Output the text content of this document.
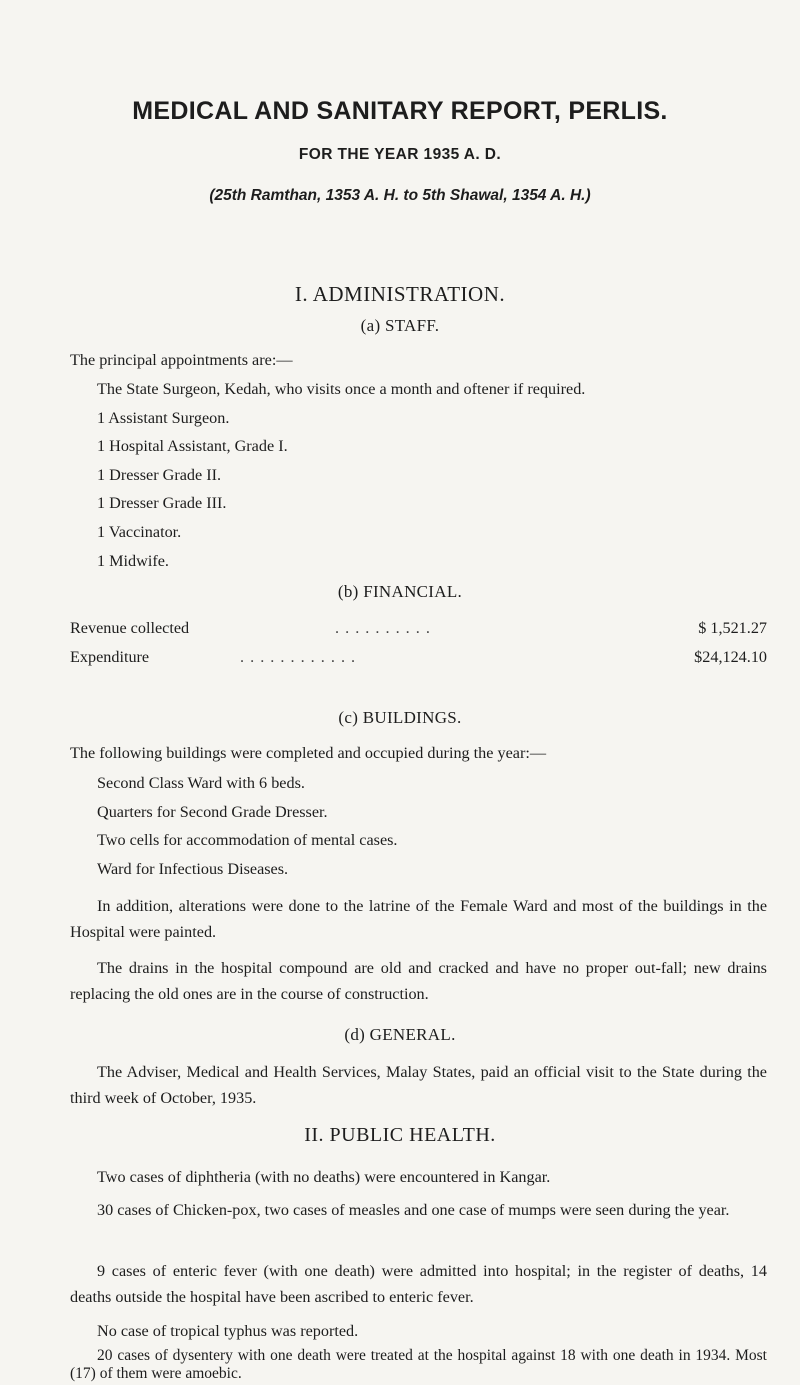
MEDICAL AND SANITARY REPORT, PERLIS.
FOR THE YEAR 1935 A. D.
(25th Ramthan, 1353 A. H. to 5th Shawal, 1354 A. H.)
I. ADMINISTRATION.
(a) STAFF.
The principal appointments are:—
The State Surgeon, Kedah, who visits once a month and oftener if required.
1 Assistant Surgeon.
1 Hospital Assistant, Grade I.
1 Dresser Grade II.
1 Dresser Grade III.
1 Vaccinator.
1 Midwife.
(b) FINANCIAL.
Revenue collected	. . . . . . . . . .	$ 1,521.27
Expenditure	. . . . . . . . . . . .	$24,124.10
(c) BUILDINGS.
The following buildings were completed and occupied during the year:—
Second Class Ward with 6 beds.
Quarters for Second Grade Dresser.
Two cells for accommodation of mental cases.
Ward for Infectious Diseases.
In addition, alterations were done to the latrine of the Female Ward and most of the buildings in the Hospital were painted.
The drains in the hospital compound are old and cracked and have no proper out-fall; new drains replacing the old ones are in the course of construction.
(d) GENERAL.
The Adviser, Medical and Health Services, Malay States, paid an official visit to the State during the third week of October, 1935.
II. PUBLIC HEALTH.
Two cases of diphtheria (with no deaths) were encountered in Kangar.
30 cases of Chicken-pox, two cases of measles and one case of mumps were seen during the year.
9 cases of enteric fever (with one death) were admitted into hospital; in the register of deaths, 14 deaths outside the hospital have been ascribed to enteric fever.
No case of tropical typhus was reported.
20 cases of dysentery with one death were treated at the hospital against 18 with one death in 1934. Most (17) of them were amoebic.
